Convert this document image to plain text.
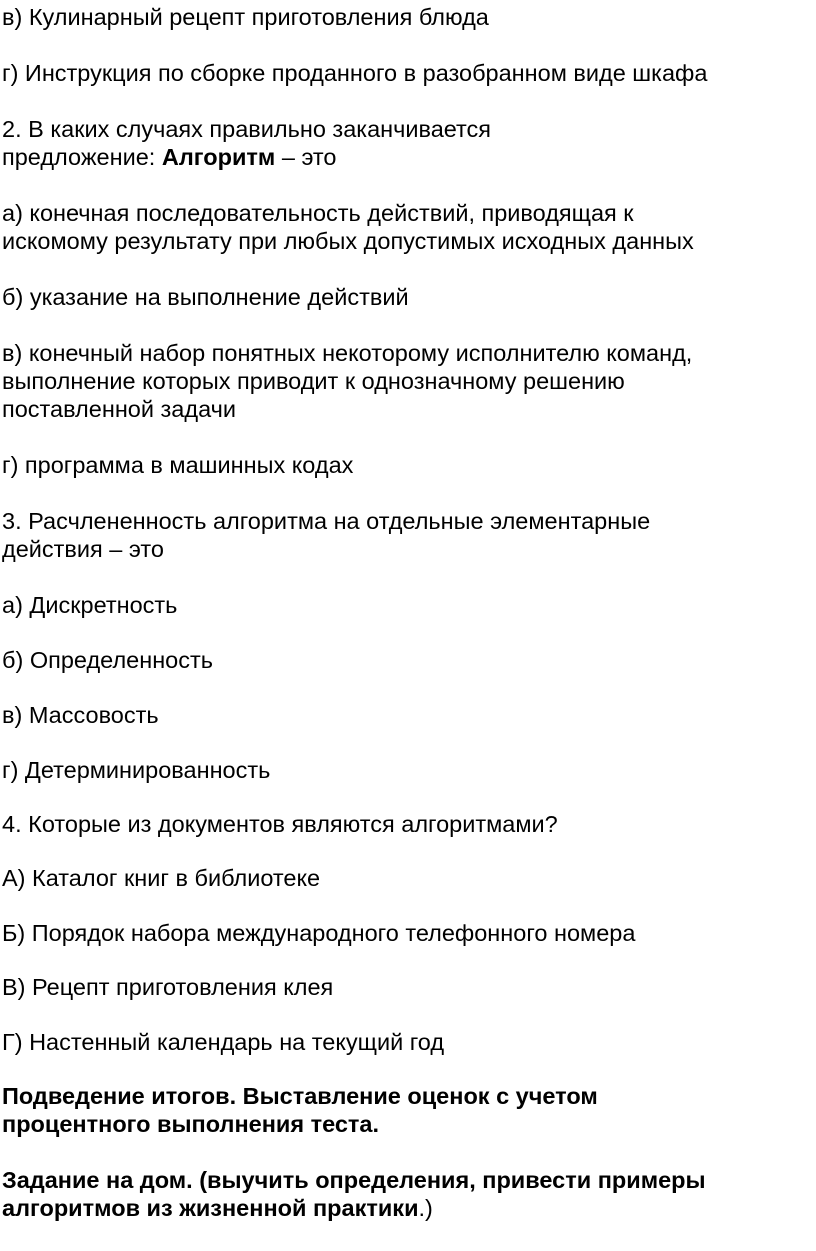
в) Кулинарный рецепт приготовления блюда
г) Инструкция по сборке проданного в разобранном виде шкафа
2. В каких случаях правильно заканчивается
предложение: Алгоритм – это
а) конечная последовательность действий, приводящая к
искомому результату при любых допустимых исходных данных
б) указание на выполнение действий
в) конечный набор понятных некоторому исполнителю команд,
выполнение которых приводит к однозначному решению
поставленной задачи
г) программа в машинных кодах
3. Расчлененность алгоритма на отдельные элементарные
действия – это
а) Дискретность
б) Определенность
в) Массовость
г) Детерминированность
4. Которые из документов являются алгоритмами?
А) Каталог книг в библиотеке
Б) Порядок набора международного телефонного номера
В) Рецепт приготовления клея
Г) Настенный календарь на текущий год
Подведение итогов. Выставление оценок с учетом
процентного выполнения теста.
Задание на дом. (выучить определения, привести примеры
алгоритмов из жизненной практики.)
